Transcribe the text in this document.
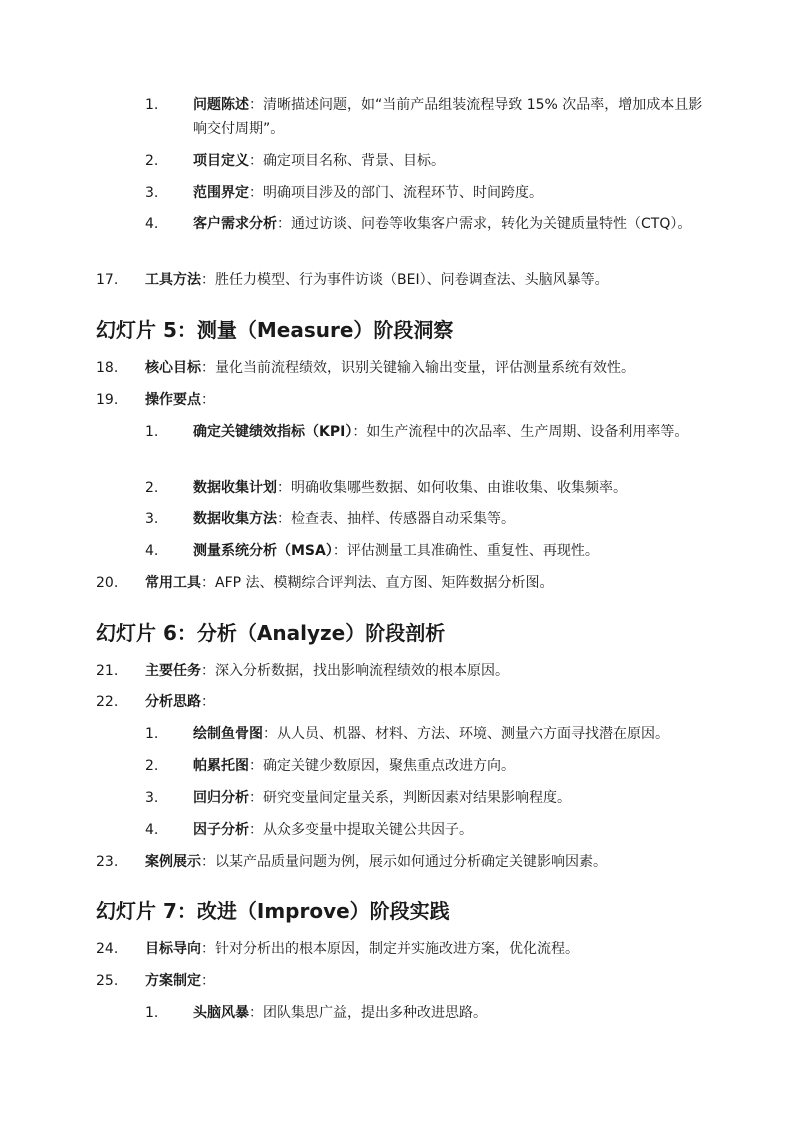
1. 问题陈述：清晰描述问题，如“当前产品组装流程导致 15% 次品率，增加成本且影响交付周期”。
2. 项目定义：确定项目名称、背景、目标。
3. 范围界定：明确项目涉及的部门、流程环节、时间跨度。
4. 客户需求分析：通过访谈、问卷等收集客户需求，转化为关键质量特性（CTQ）。
17. 工具方法：胜任力模型、行为事件访谈（BEI）、问卷调查法、头脑风暴等。
幻灯片 5：测量（Measure）阶段洞察
18. 核心目标：量化当前流程绩效，识别关键输入输出变量，评估测量系统有效性。
19. 操作要点：
1. 确定关键绩效指标（KPI）：如生产流程中的次品率、生产周期、设备利用率等。
2. 数据收集计划：明确收集哪些数据、如何收集、由谁收集、收集频率。
3. 数据收集方法：检查表、抽样、传感器自动采集等。
4. 测量系统分析（MSA）：评估测量工具准确性、重复性、再现性。
20. 常用工具：AFP 法、模糊综合评判法、直方图、矩阵数据分析图。
幻灯片 6：分析（Analyze）阶段剖析
21. 主要任务：深入分析数据，找出影响流程绩效的根本原因。
22. 分析思路：
1. 绘制鱼骨图：从人员、机器、材料、方法、环境、测量六方面寻找潜在原因。
2. 帕累托图：确定关键少数原因，聚焦重点改进方向。
3. 回归分析：研究变量间定量关系，判断因素对结果影响程度。
4. 因子分析：从众多变量中提取关键公共因子。
23. 案例展示：以某产品质量问题为例，展示如何通过分析确定关键影响因素。
幻灯片 7：改进（Improve）阶段实践
24. 目标导向：针对分析出的根本原因，制定并实施改进方案，优化流程。
25. 方案制定：
1. 头脑风暴：团队集思广益，提出多种改进思路。
